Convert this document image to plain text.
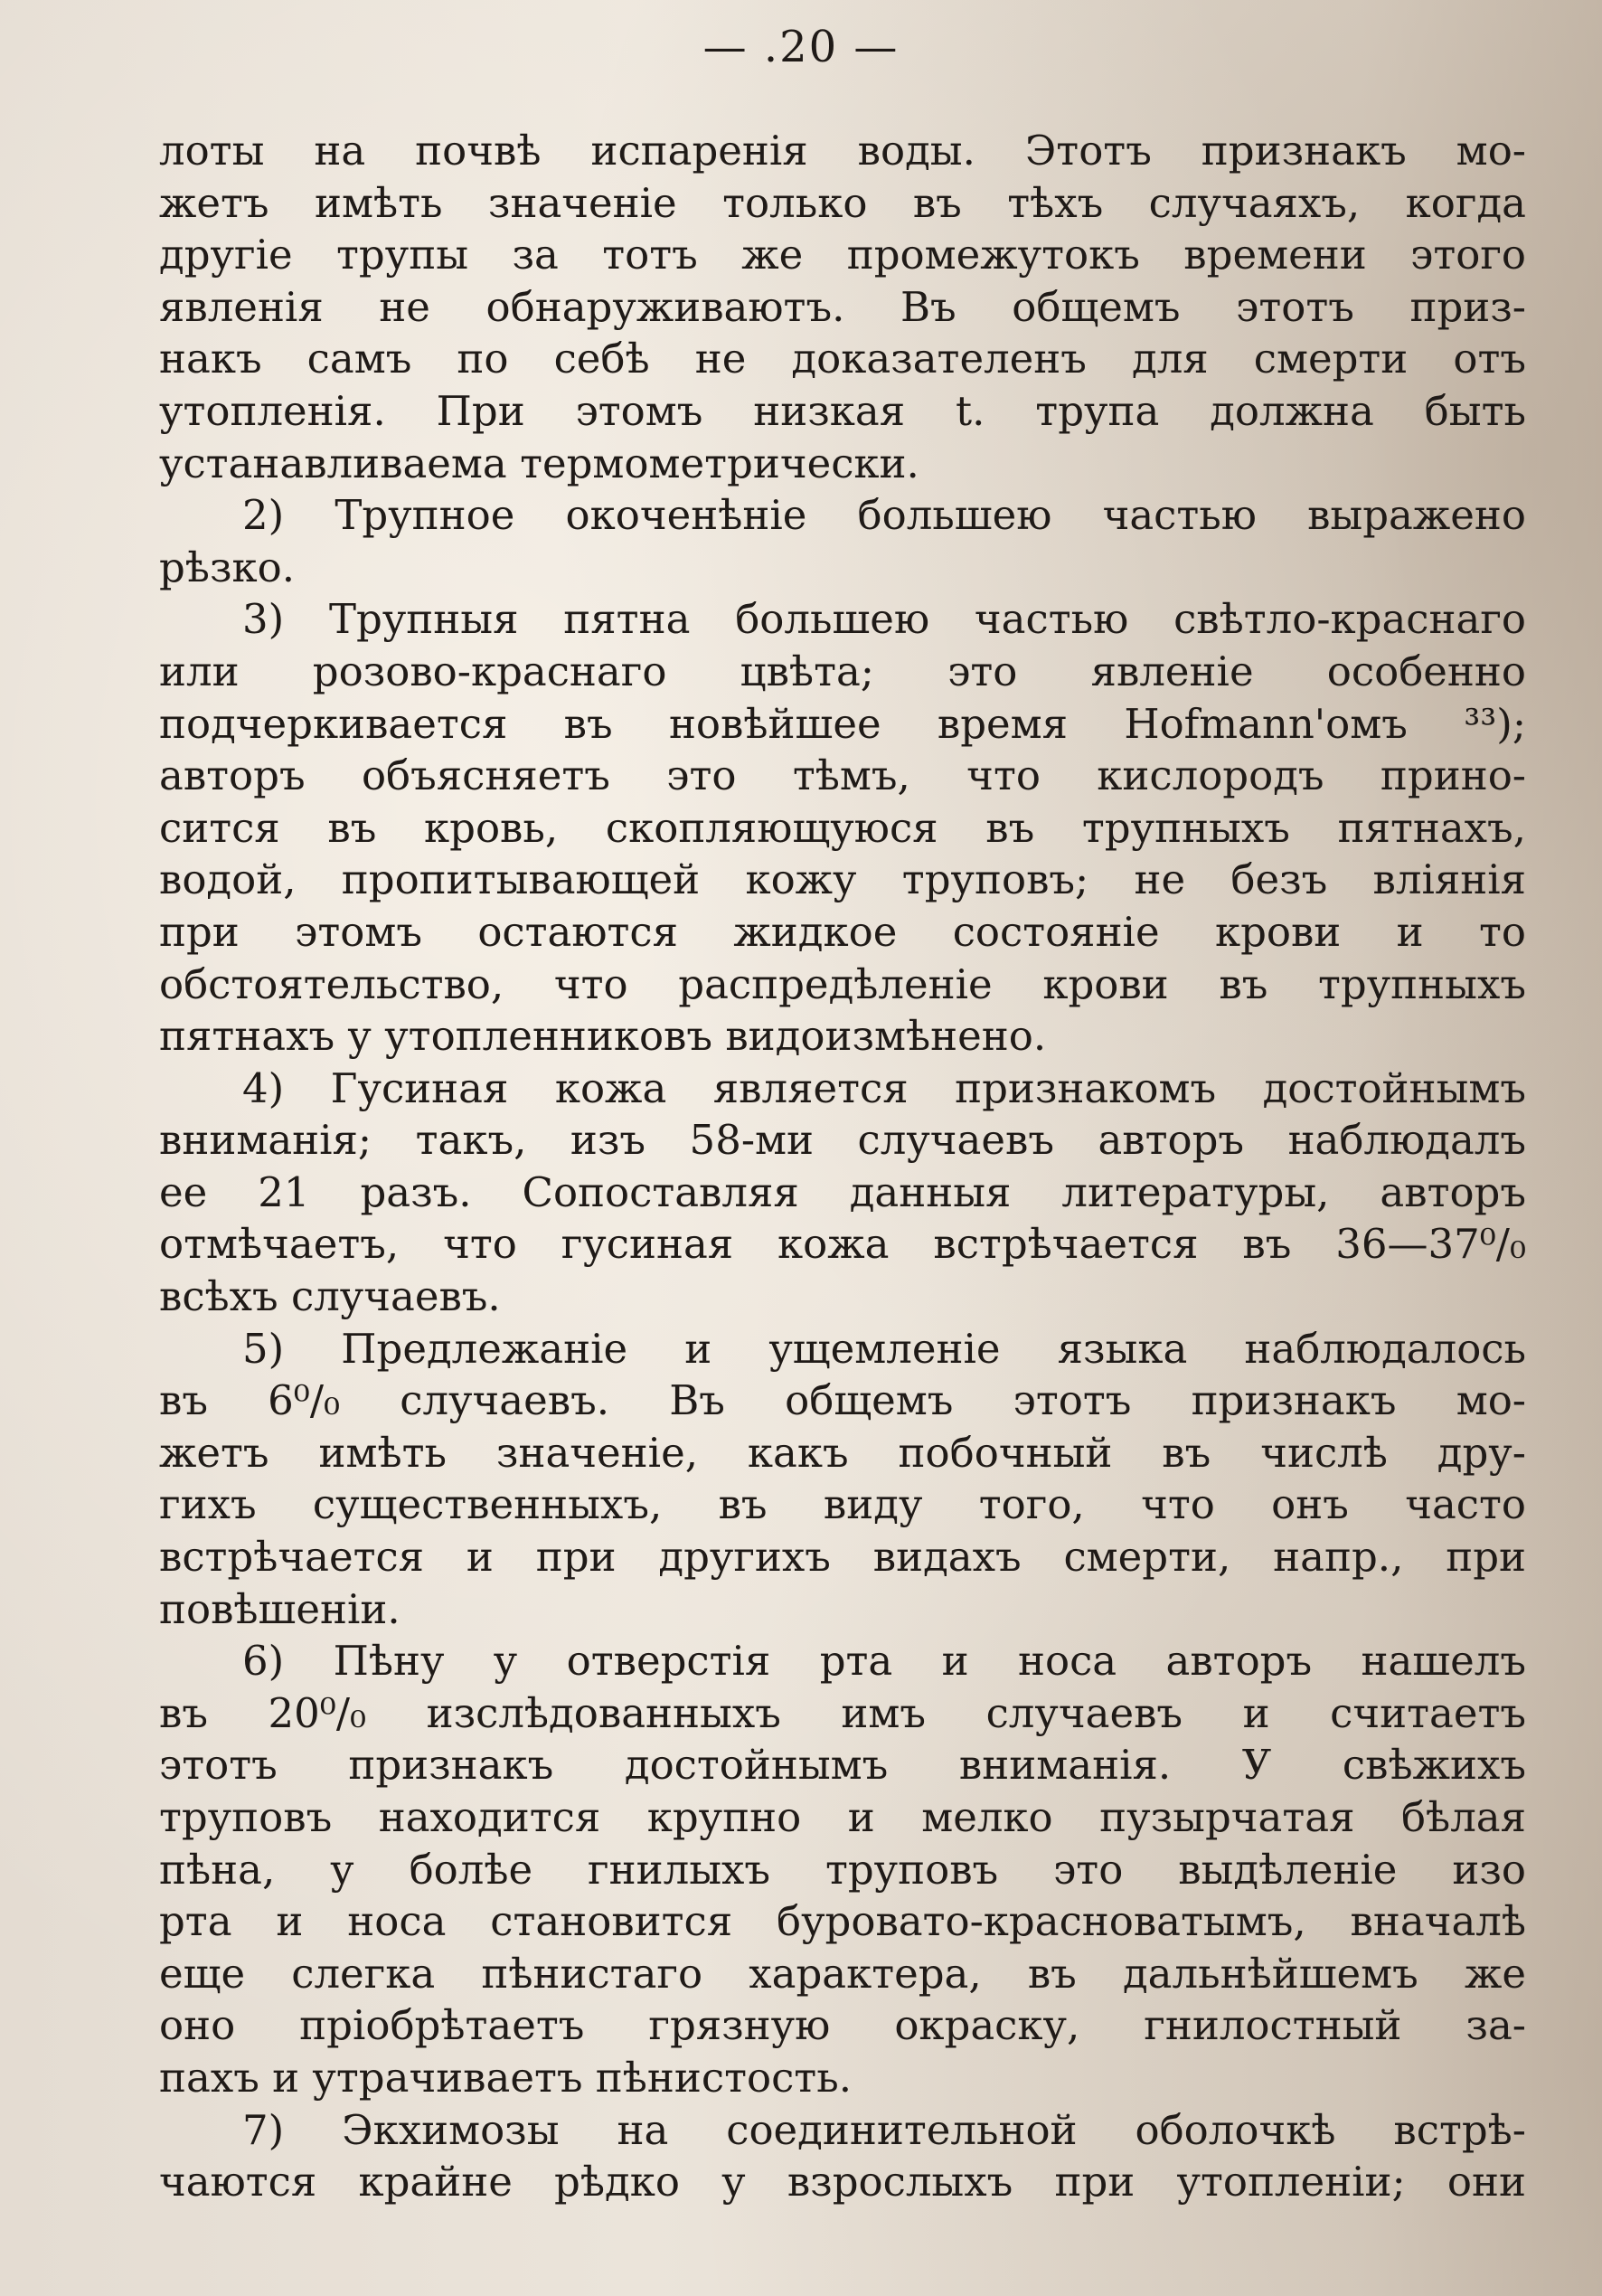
— .20 —
лоты на почвѣ испаренія воды. Этотъ признакъ мо-
жетъ имѣть значеніе только въ тѣхъ случаяхъ, когда
другіе трупы за тотъ же промежутокъ времени этого
явленія не обнаруживаютъ. Въ общемъ этотъ приз-
накъ самъ по себѣ не доказателенъ для смерти отъ
утопленія. При этомъ низкая t. трупа должна быть
устанавливаема термометрически.
2) Трупное окоченѣніе большею частью выражено
рѣзко.
3) Трупныя пятна большею частью свѣтло-краснаго
или розово-краснаго цвѣта; это явленіе особенно
подчеркивается въ новѣйшее время Hofmann'омъ ³³);
авторъ объясняетъ это тѣмъ, что кислородъ прино-
сится въ кровь, скопляющуюся въ трупныхъ пятнахъ,
водой, пропитывающей кожу труповъ; не безъ вліянія
при этомъ остаются жидкое состояніе крови и то
обстоятельство, что распредѣленіе крови въ трупныхъ
пятнахъ у утопленниковъ видоизмѣнено.
4) Гусиная кожа является признакомъ достойнымъ
вниманія; такъ, изъ 58-ми случаевъ авторъ наблюдалъ
ее 21 разъ. Сопоставляя данныя литературы, авторъ
отмѣчаетъ, что гусиная кожа встрѣчается въ 36—37⁰/₀
всѣхъ случаевъ.
5) Предлежаніе и ущемленіе языка наблюдалось
въ 6⁰/₀ случаевъ. Въ общемъ этотъ признакъ мо-
жетъ имѣть значеніе, какъ побочный въ числѣ дру-
гихъ существенныхъ, въ виду того, что онъ часто
встрѣчается и при другихъ видахъ смерти, напр., при
повѣшеніи.
6) Пѣну у отверстія рта и носа авторъ нашелъ
въ 20⁰/₀ изслѣдованныхъ имъ случаевъ и считаетъ
этотъ признакъ достойнымъ вниманія. У свѣжихъ
труповъ находится крупно и мелко пузырчатая бѣлая
пѣна, у болѣе гнилыхъ труповъ это выдѣленіе изо
рта и носа становится буровато-красноватымъ, вначалѣ
еще слегка пѣнистаго характера, въ дальнѣйшемъ же
оно пріобрѣтаетъ грязную окраску, гнилостный за-
пахъ и утрачиваетъ пѣнистость.
7) Экхимозы на соединительной оболочкѣ встрѣ-
чаются крайне рѣдко у взрослыхъ при утопленіи; они
